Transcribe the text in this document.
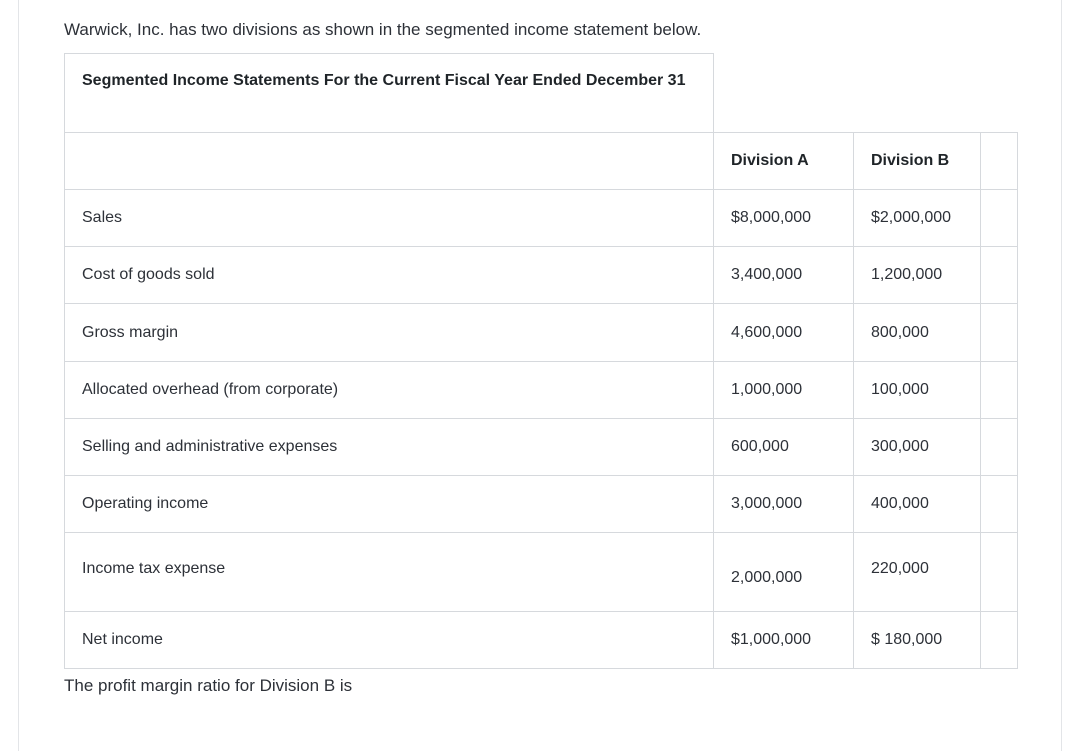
Warwick, Inc. has two divisions as shown in the segmented income statement below.

Segmented Income Statements For the Current Fiscal Year Ended December 31
	Division A	Division B	
Sales	$8,000,000	$2,000,000	
Cost of goods sold	3,400,000	1,200,000	
Gross margin	4,600,000	800,000	
Allocated overhead (from corporate)	1,000,000	100,000	
Selling and administrative expenses	600,000	300,000	
Operating income	3,000,000	400,000	
Income tax expense	2,000,000	220,000	
Net income	$1,000,000	$ 180,000	

The profit margin ratio for Division B is
